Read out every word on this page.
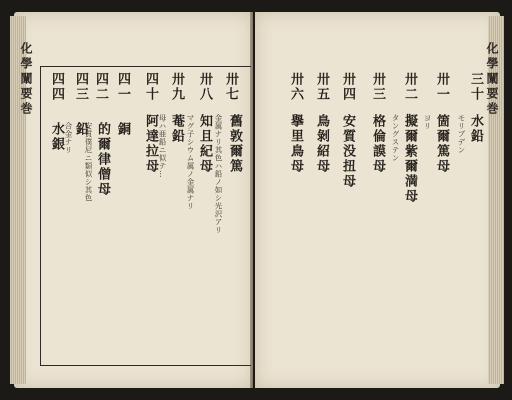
卅七
舊敦爾篤
金属ナリ其色ハ鉛ノ如シ光沢アリ
卅八
知且紀母
マグ子シウム属ノ金属ナリ
卅九
菴鉛
母ハ亜鉛ニ似テ…
四十
阿達拉母
四一
銅
四二
的爾律僧母
安質僕尼ニ類似シ其色
四三
鉛
合金ナリ
四四
水銀
化學闡要巻	三十
水鉛
モリブデン
卅一
箇爾篤母
ヨリ
卅二
擬爾紫爾満母
タングステン
卅三
格倫謨母
卅四
安質没扭母
卅五
鳥剝紹母
卅六
擧里鳥母
化學闡要巻
